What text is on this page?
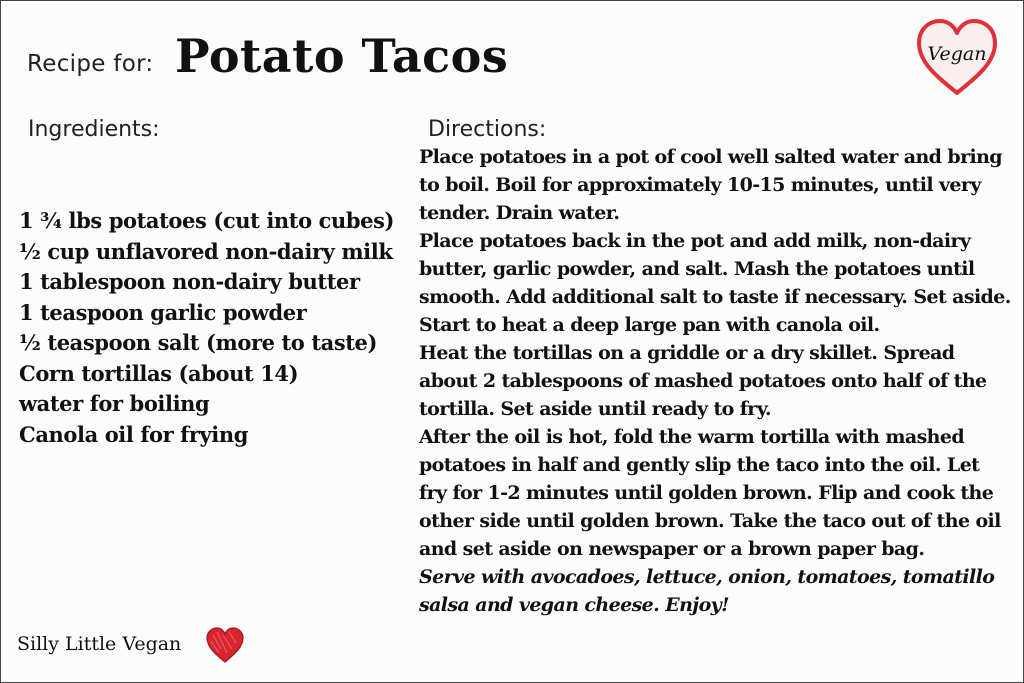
Recipe for: Potato Tacos	Vegan
Ingredients:
1 ¾ lbs potatoes (cut into cubes)
½ cup unflavored non-dairy milk
1 tablespoon non-dairy butter
1 teaspoon garlic powder
½ teaspoon salt (more to taste)
Corn tortillas (about 14)
water for boiling
Canola oil for frying
Directions:

Place potatoes in a pot of cool well salted water and bring to boil. Boil for approximately 10-15 minutes, until very tender. Drain water.

Place potatoes back in the pot and add milk, non-dairy butter, garlic powder, and salt. Mash the potatoes until smooth. Add additional salt to taste if necessary. Set aside.

Start to heat a deep large pan with canola oil.

Heat the tortillas on a griddle or a dry skillet. Spread about 2 tablespoons of mashed potatoes onto half of the tortilla. Set aside until ready to fry.

After the oil is hot, fold the warm tortilla with mashed potatoes in half and gently slip the taco into the oil. Let fry for 1-2 minutes until golden brown. Flip and cook the other side until golden brown. Take the taco out of the oil and set aside on newspaper or a brown paper bag.

Serve with avocadoes, lettuce, onion, tomatoes, tomatillo salsa and vegan cheese. Enjoy!

Silly Little Vegan
